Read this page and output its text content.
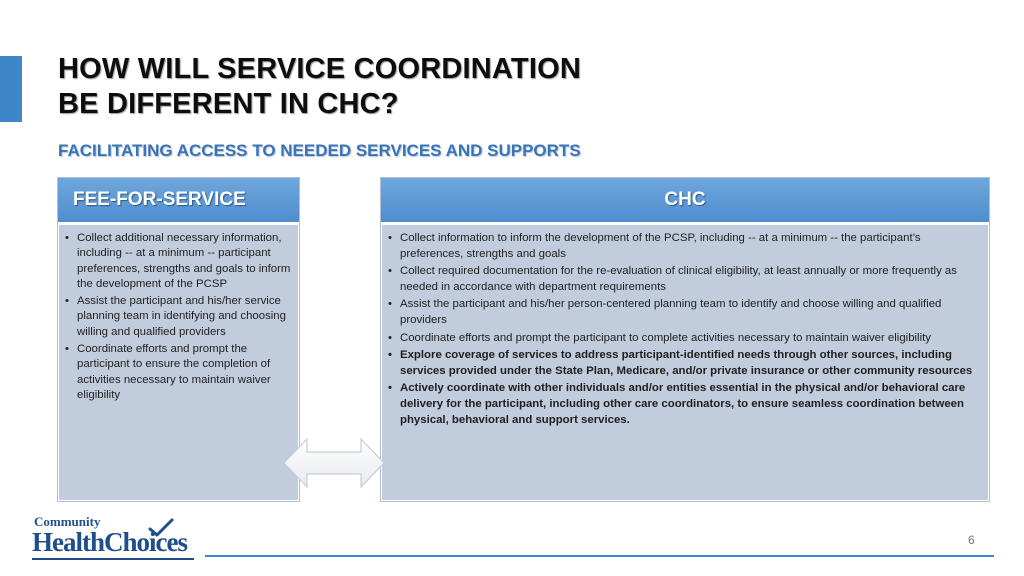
HOW WILL SERVICE COORDINATION
BE DIFFERENT IN CHC?
FACILITATING ACCESS TO NEEDED SERVICES AND SUPPORTS
FEE-FOR-SERVICE
• Collect additional necessary information, including -- at a minimum -- participant preferences, strengths and goals to inform the development of the PCSP
• Assist the participant and his/her service planning team in identifying and choosing willing and qualified providers
• Coordinate efforts and prompt the participant to ensure the completion of activities necessary to maintain waiver eligibility
CHC
• Collect information to inform the development of the PCSP, including -- at a minimum -- the participant’s preferences, strengths and goals
• Collect required documentation for the re-evaluation of clinical eligibility, at least annually or more frequently as needed in accordance with department requirements
• Assist the participant and his/her person-centered planning team to identify and choose willing and qualified providers
• Coordinate efforts and prompt the participant to complete activities necessary to maintain waiver eligibility
• Explore coverage of services to address participant-identified needs through other sources, including services provided under the State Plan, Medicare, and/or private insurance or other community resources
• Actively coordinate with other individuals and/or entities essential in the physical and/or behavioral care delivery for the participant, including other care coordinators, to ensure seamless coordination between physical, behavioral and support services.
Community
HealthChoices	6
